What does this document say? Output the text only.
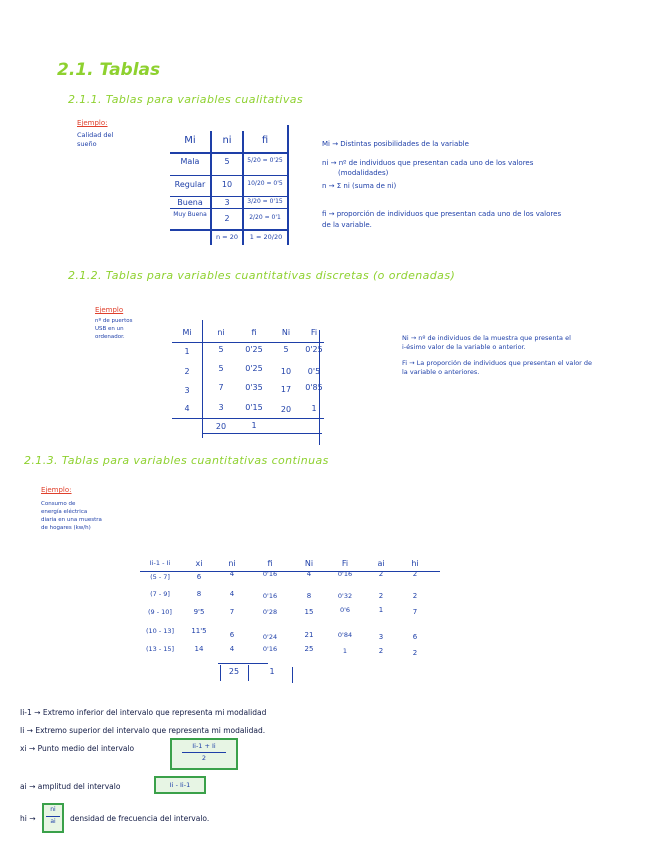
2.1. Tablas
2.1.1. Tablas para variables cualitativas
Ejemplo:
Calidad del
sueño	Mi	ni	fi
Mala	5	5/20 = 0'25
Regular	10	10/20 = 0'5
Buena	3	3/20 = 0'15
Muy Buena	2	2/20 = 0'1
n = 20	1 = 20/20
Mi → Distintas posibilidades de la variable
ni → nº de individuos que presentan cada uno de los valores
(modalidades)
n → Σ ni (suma de ni)
fi → proporción de individuos que presentan cada uno de los valores
de la variable.
2.1.2. Tablas para variables cuantitativas discretas (o ordenadas)
Ejemplo
nº de puertos
USB en un
ordenador.	Mi	ni	fi	Ni	Fi
1	5	0'25	5	0'25
2	5	0'25	10	0'5
3	7	0'35	17	0'85
4	3	0'15	20	1
20	1
Ni → nº de individuos de la muestra que presenta el
i-ésimo valor de la variable o anterior.
Fi → La proporción de individuos que presentan el valor de
la variable o anteriores.
2.1.3. Tablas para variables cuantitativas continuas
Ejemplo:
Consumo de
energía eléctrica
diaria en una muestra
de hogares (kw/h)
Ii-1 - Ii	xi	ni	fi	Ni	Fi	ai	hi
(5 - 7]	6	4	0'16	4	0'16	2	2
(7 - 9]	8	4	0'16	8	0'32	2	2
(9 - 10]	9'5	7	0'28	15	0'6	1	7
(10 - 13]	11'5	6	0'24	21	0'84	3	6
(13 - 15]	14	4	0'16	25	1	2	2
25	1
Ii-1 → Extremo inferior del intervalo que representa mi modalidad
Ii → Extremo superior del intervalo que representa mi modalidad.
xi → Punto medio del intervalo	Ii-1 + Ii
2
ai → amplitud del intervalo	Ii - Ii-1
hi →
ni
ai	densidad de frecuencia del intervalo.
